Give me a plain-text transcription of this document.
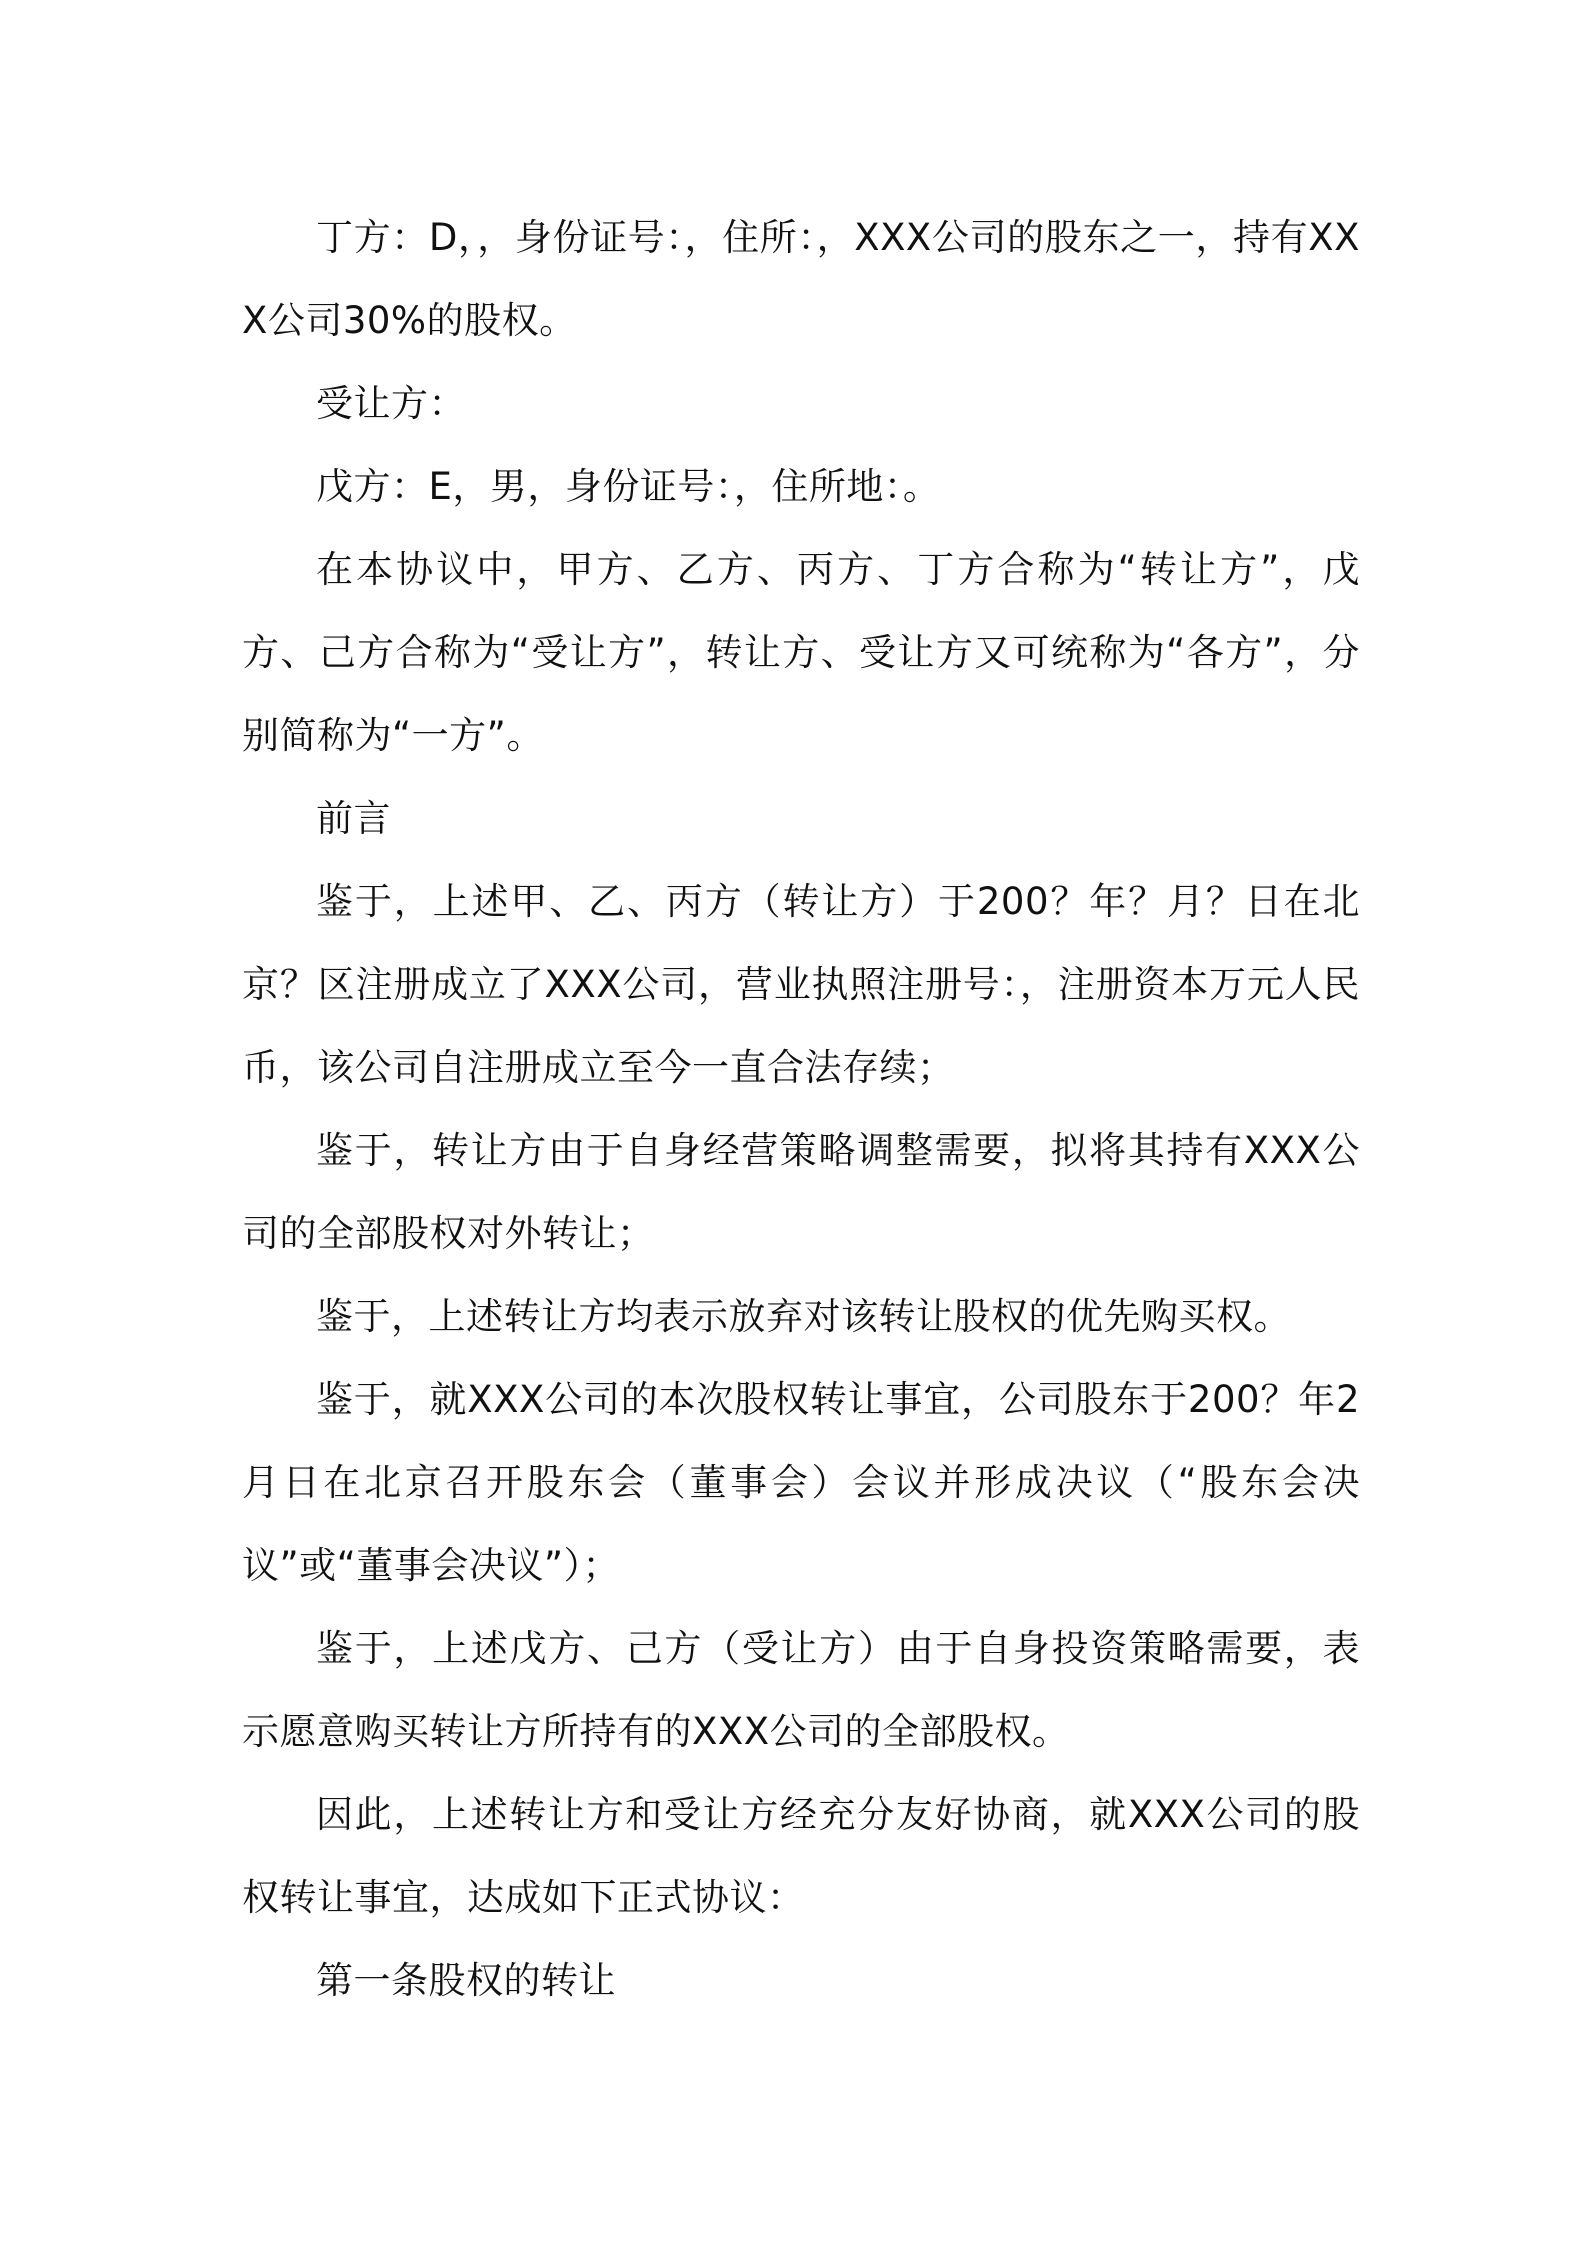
丁方：D，，身份证号：，住所：，XXX公司的股东之一，持有XXX公司30%的股权。

受让方：

戊方：E，男，身份证号：，住所地：。

在本协议中，甲方、乙方、丙方、丁方合称为“转让方”，戊方、己方合称为“受让方”，转让方、受让方又可统称为“各方”，分别简称为“一方”。

前言

鉴于，上述甲、乙、丙方（转让方）于200？年？月？日在北京？区注册成立了XXX公司，营业执照注册号：，注册资本万元人民币，该公司自注册成立至今一直合法存续；

鉴于，转让方由于自身经营策略调整需要，拟将其持有XXX公司的全部股权对外转让；

鉴于，上述转让方均表示放弃对该转让股权的优先购买权。

鉴于，就XXX公司的本次股权转让事宜，公司股东于200？年2月日在北京召开股东会（董事会）会议并形成决议（“股东会决议”或“董事会决议”）；

鉴于，上述戊方、己方（受让方）由于自身投资策略需要，表示愿意购买转让方所持有的XXX公司的全部股权。

因此，上述转让方和受让方经充分友好协商，就XXX公司的股权转让事宜，达成如下正式协议：

第一条股权的转让
